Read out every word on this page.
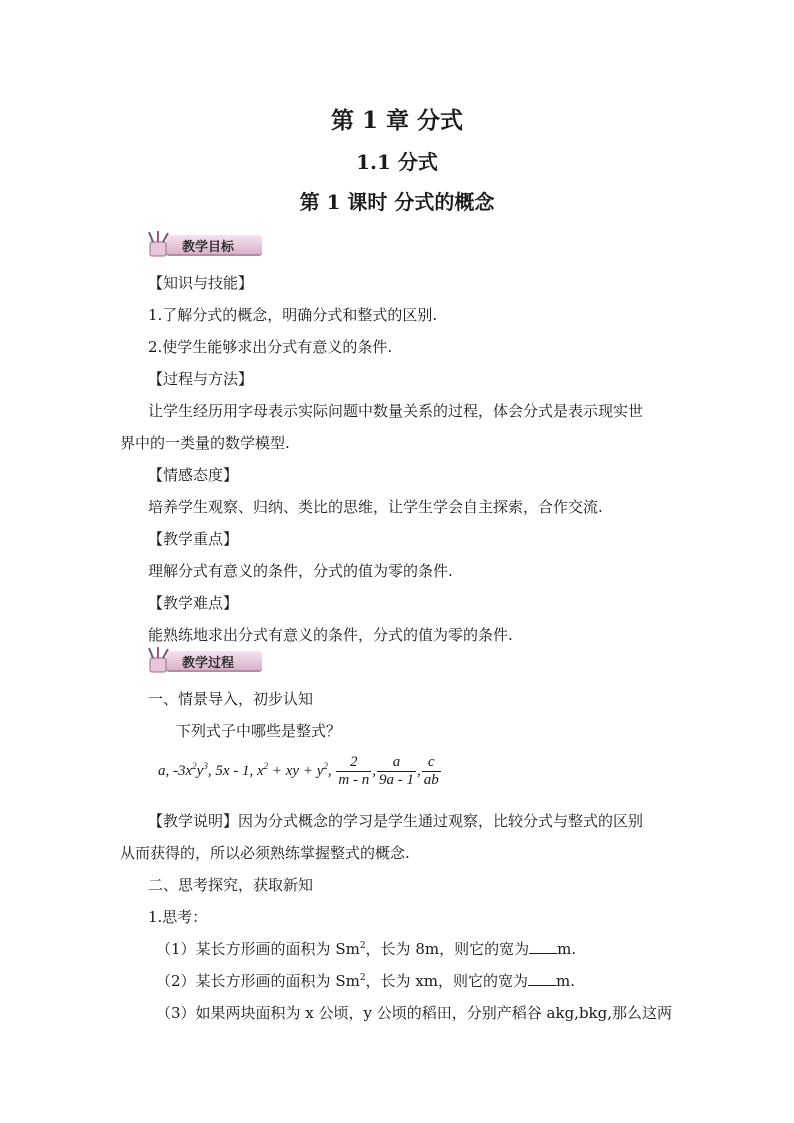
第 1 章 分式
1.1 分式
第 1 课时 分式的概念
教学目标
【知识与技能】
1.了解分式的概念，明确分式和整式的区别.
2.使学生能够求出分式有意义的条件.
【过程与方法】
让学生经历用字母表示实际问题中数量关系的过程，体会分式是表示现实世
界中的一类量的数学模型.
【情感态度】
培养学生观察、归纳、类比的思维，让学生学会自主探索，合作交流.
【教学重点】
理解分式有意义的条件，分式的值为零的条件.
【教学难点】
能熟练地求出分式有意义的条件，分式的值为零的条件.
教学过程
一、情景导入，初步认知
下列式子中哪些是整式？
a, $-3x^2y^3$, 5x - 1, $x^2$ + xy + $y^2$, $\frac{2}{m - n}$ , $\frac{a}{9a - 1}$ , $\frac{c}{ab}$
【教学说明】因为分式概念的学习是学生通过观察，比较分式与整式的区别
从而获得的，所以必须熟练掌握整式的概念.
二、思考探究，获取新知
1.思考：
（1）某长方形画的面积为 Sm$^2$，长为 8m，则它的宽为 m.
（2）某长方形画的面积为 Sm$^2$，长为 xm，则它的宽为 m.
（3）如果两块面积为 x 公顷，y 公顷的稻田，分别产稻谷 akg,bkg,那么这两
